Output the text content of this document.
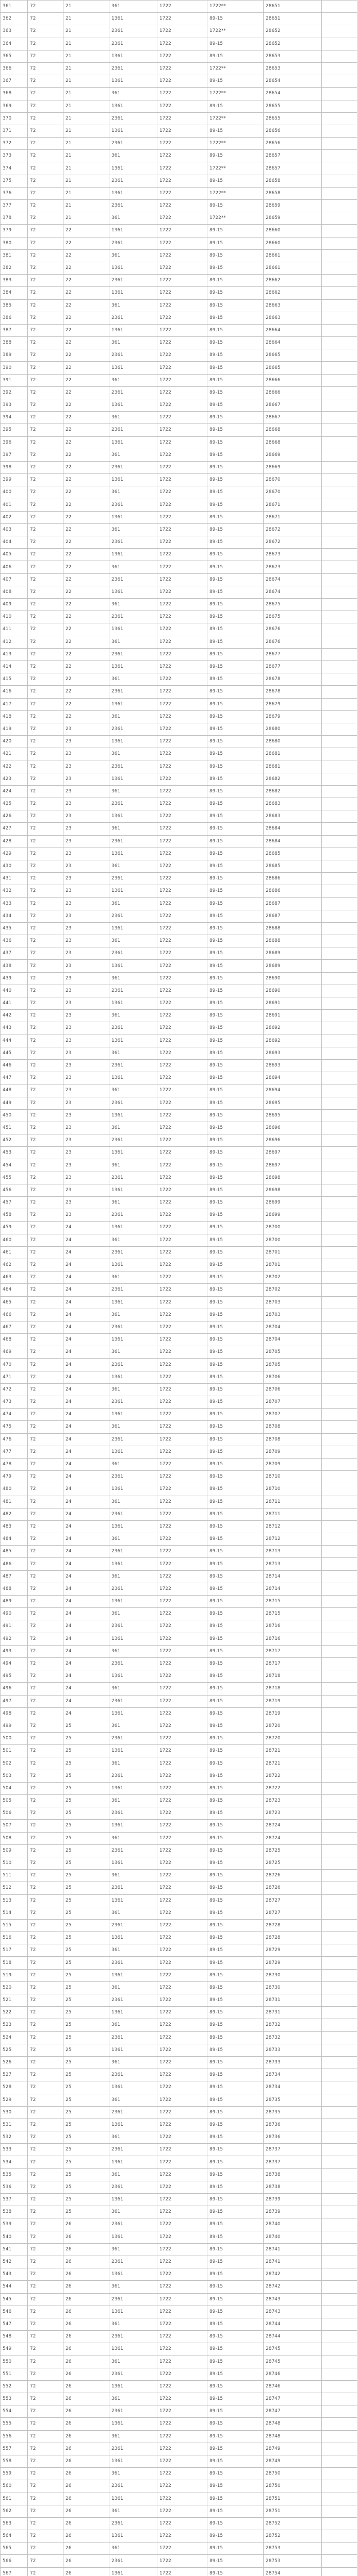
361	72	21	361	1722	1722**	28651	
362	72	21	1361	1722	89-15	28651	
363	72	21	2361	1722	1722**	28652	
364	72	21	2361	1722	89-15	28652	
365	72	21	1361	1722	89-15	28653	
366	72	21	2361	1722	1722**	28653	
367	72	21	1361	1722	89-15	28654	
368	72	21	361	1722	1722**	28654	
369	72	21	1361	1722	89-15	28655	
370	72	21	2361	1722	1722**	28655	
371	72	21	1361	1722	89-15	28656	
372	72	21	2361	1722	1722**	28656	
373	72	21	361	1722	89-15	28657	
374	72	21	1361	1722	1722**	28657	
375	72	21	2361	1722	89-15	28658	
376	72	21	1361	1722	1722**	28658	
377	72	21	2361	1722	89-15	28659	
378	72	21	361	1722	1722**	28659	
379	72	22	1361	1722	89-15	28660	
380	72	22	2361	1722	89-15	28660	
381	72	22	361	1722	89-15	28661	
382	72	22	1361	1722	89-15	28661	
383	72	22	2361	1722	89-15	28662	
384	72	22	1361	1722	89-15	28662	
385	72	22	361	1722	89-15	28663	
386	72	22	2361	1722	89-15	28663	
387	72	22	1361	1722	89-15	28664	
388	72	22	361	1722	89-15	28664	
389	72	22	2361	1722	89-15	28665	
390	72	22	1361	1722	89-15	28665	
391	72	22	361	1722	89-15	28666	
392	72	22	2361	1722	89-15	28666	
393	72	22	1361	1722	89-15	28667	
394	72	22	361	1722	89-15	28667	
395	72	22	2361	1722	89-15	28668	
396	72	22	1361	1722	89-15	28668	
397	72	22	361	1722	89-15	28669	
398	72	22	2361	1722	89-15	28669	
399	72	22	1361	1722	89-15	28670	
400	72	22	361	1722	89-15	28670	
401	72	22	2361	1722	89-15	28671	
402	72	22	1361	1722	89-15	28671	
403	72	22	361	1722	89-15	28672	
404	72	22	2361	1722	89-15	28672	
405	72	22	1361	1722	89-15	28673	
406	72	22	361	1722	89-15	28673	
407	72	22	2361	1722	89-15	28674	
408	72	22	1361	1722	89-15	28674	
409	72	22	361	1722	89-15	28675	
410	72	22	2361	1722	89-15	28675	
411	72	22	1361	1722	89-15	28676	
412	72	22	361	1722	89-15	28676	
413	72	22	2361	1722	89-15	28677	
414	72	22	1361	1722	89-15	28677	
415	72	22	361	1722	89-15	28678	
416	72	22	2361	1722	89-15	28678	
417	72	22	1361	1722	89-15	28679	
418	72	22	361	1722	89-15	28679	
419	72	23	2361	1722	89-15	28680	
420	72	23	1361	1722	89-15	28680	
421	72	23	361	1722	89-15	28681	
422	72	23	2361	1722	89-15	28681	
423	72	23	1361	1722	89-15	28682	
424	72	23	361	1722	89-15	28682	
425	72	23	2361	1722	89-15	28683	
426	72	23	1361	1722	89-15	28683	
427	72	23	361	1722	89-15	28684	
428	72	23	2361	1722	89-15	28684	
429	72	23	1361	1722	89-15	28685	
430	72	23	361	1722	89-15	28685	
431	72	23	2361	1722	89-15	28686	
432	72	23	1361	1722	89-15	28686	
433	72	23	361	1722	89-15	28687	
434	72	23	2361	1722	89-15	28687	
435	72	23	1361	1722	89-15	28688	
436	72	23	361	1722	89-15	28688	
437	72	23	2361	1722	89-15	28689	
438	72	23	1361	1722	89-15	28689	
439	72	23	361	1722	89-15	28690	
440	72	23	2361	1722	89-15	28690	
441	72	23	1361	1722	89-15	28691	
442	72	23	361	1722	89-15	28691	
443	72	23	2361	1722	89-15	28692	
444	72	23	1361	1722	89-15	28692	
445	72	23	361	1722	89-15	28693	
446	72	23	2361	1722	89-15	28693	
447	72	23	1361	1722	89-15	28694	
448	72	23	361	1722	89-15	28694	
449	72	23	2361	1722	89-15	28695	
450	72	23	1361	1722	89-15	28695	
451	72	23	361	1722	89-15	28696	
452	72	23	2361	1722	89-15	28696	
453	72	23	1361	1722	89-15	28697	
454	72	23	361	1722	89-15	28697	
455	72	23	2361	1722	89-15	28698	
456	72	23	1361	1722	89-15	28698	
457	72	23	361	1722	89-15	28699	
458	72	23	2361	1722	89-15	28699	
459	72	24	1361	1722	89-15	28700	
460	72	24	361	1722	89-15	28700	
461	72	24	2361	1722	89-15	28701	
462	72	24	1361	1722	89-15	28701	
463	72	24	361	1722	89-15	28702	
464	72	24	2361	1722	89-15	28702	
465	72	24	1361	1722	89-15	28703	
466	72	24	361	1722	89-15	28703	
467	72	24	2361	1722	89-15	28704	
468	72	24	1361	1722	89-15	28704	
469	72	24	361	1722	89-15	28705	
470	72	24	2361	1722	89-15	28705	
471	72	24	1361	1722	89-15	28706	
472	72	24	361	1722	89-15	28706	
473	72	24	2361	1722	89-15	28707	
474	72	24	1361	1722	89-15	28707	
475	72	24	361	1722	89-15	28708	
476	72	24	2361	1722	89-15	28708	
477	72	24	1361	1722	89-15	28709	
478	72	24	361	1722	89-15	28709	
479	72	24	2361	1722	89-15	28710	
480	72	24	1361	1722	89-15	28710	
481	72	24	361	1722	89-15	28711	
482	72	24	2361	1722	89-15	28711	
483	72	24	1361	1722	89-15	28712	
484	72	24	361	1722	89-15	28712	
485	72	24	2361	1722	89-15	28713	
486	72	24	1361	1722	89-15	28713	
487	72	24	361	1722	89-15	28714	
488	72	24	2361	1722	89-15	28714	
489	72	24	1361	1722	89-15	28715	
490	72	24	361	1722	89-15	28715	
491	72	24	2361	1722	89-15	28716	
492	72	24	1361	1722	89-15	28716	
493	72	24	361	1722	89-15	28717	
494	72	24	2361	1722	89-15	28717	
495	72	24	1361	1722	89-15	28718	
496	72	24	361	1722	89-15	28718	
497	72	24	2361	1722	89-15	28719	
498	72	24	1361	1722	89-15	28719	
499	72	25	361	1722	89-15	28720	
500	72	25	2361	1722	89-15	28720	
501	72	25	1361	1722	89-15	28721	
502	72	25	361	1722	89-15	28721	
503	72	25	2361	1722	89-15	28722	
504	72	25	1361	1722	89-15	28722	
505	72	25	361	1722	89-15	28723	
506	72	25	2361	1722	89-15	28723	
507	72	25	1361	1722	89-15	28724	
508	72	25	361	1722	89-15	28724	
509	72	25	2361	1722	89-15	28725	
510	72	25	1361	1722	89-15	28725	
511	72	25	361	1722	89-15	28726	
512	72	25	2361	1722	89-15	28726	
513	72	25	1361	1722	89-15	28727	
514	72	25	361	1722	89-15	28727	
515	72	25	2361	1722	89-15	28728	
516	72	25	1361	1722	89-15	28728	
517	72	25	361	1722	89-15	28729	
518	72	25	2361	1722	89-15	28729	
519	72	25	1361	1722	89-15	28730	
520	72	25	361	1722	89-15	28730	
521	72	25	2361	1722	89-15	28731	
522	72	25	1361	1722	89-15	28731	
523	72	25	361	1722	89-15	28732	
524	72	25	2361	1722	89-15	28732	
525	72	25	1361	1722	89-15	28733	
526	72	25	361	1722	89-15	28733	
527	72	25	2361	1722	89-15	28734	
528	72	25	1361	1722	89-15	28734	
529	72	25	361	1722	89-15	28735	
530	72	25	2361	1722	89-15	28735	
531	72	25	1361	1722	89-15	28736	
532	72	25	361	1722	89-15	28736	
533	72	25	2361	1722	89-15	28737	
534	72	25	1361	1722	89-15	28737	
535	72	25	361	1722	89-15	28738	
536	72	25	2361	1722	89-15	28738	
537	72	25	1361	1722	89-15	28739	
538	72	25	361	1722	89-15	28739	
539	72	26	2361	1722	89-15	28740	
540	72	26	1361	1722	89-15	28740	
541	72	26	361	1722	89-15	28741	
542	72	26	2361	1722	89-15	28741	
543	72	26	1361	1722	89-15	28742	
544	72	26	361	1722	89-15	28742	
545	72	26	2361	1722	89-15	28743	
546	72	26	1361	1722	89-15	28743	
547	72	26	361	1722	89-15	28744	
548	72	26	2361	1722	89-15	28744	
549	72	26	1361	1722	89-15	28745	
550	72	26	361	1722	89-15	28745	
551	72	26	2361	1722	89-15	28746	
552	72	26	1361	1722	89-15	28746	
553	72	26	361	1722	89-15	28747	
554	72	26	2361	1722	89-15	28747	
555	72	26	1361	1722	89-15	28748	
556	72	26	361	1722	89-15	28748	
557	72	26	2361	1722	89-15	28749	
558	72	26	1361	1722	89-15	28749	
559	72	26	361	1722	89-15	28750	
560	72	26	2361	1722	89-15	28750	
561	72	26	1361	1722	89-15	28751	
562	72	26	361	1722	89-15	28751	
563	72	26	2361	1722	89-15	28752	
564	72	26	1361	1722	89-15	28752	
565	72	26	361	1722	89-15	28753	
566	72	26	2361	1722	89-15	28753	
567	72	26	1361	1722	89-15	28754	
